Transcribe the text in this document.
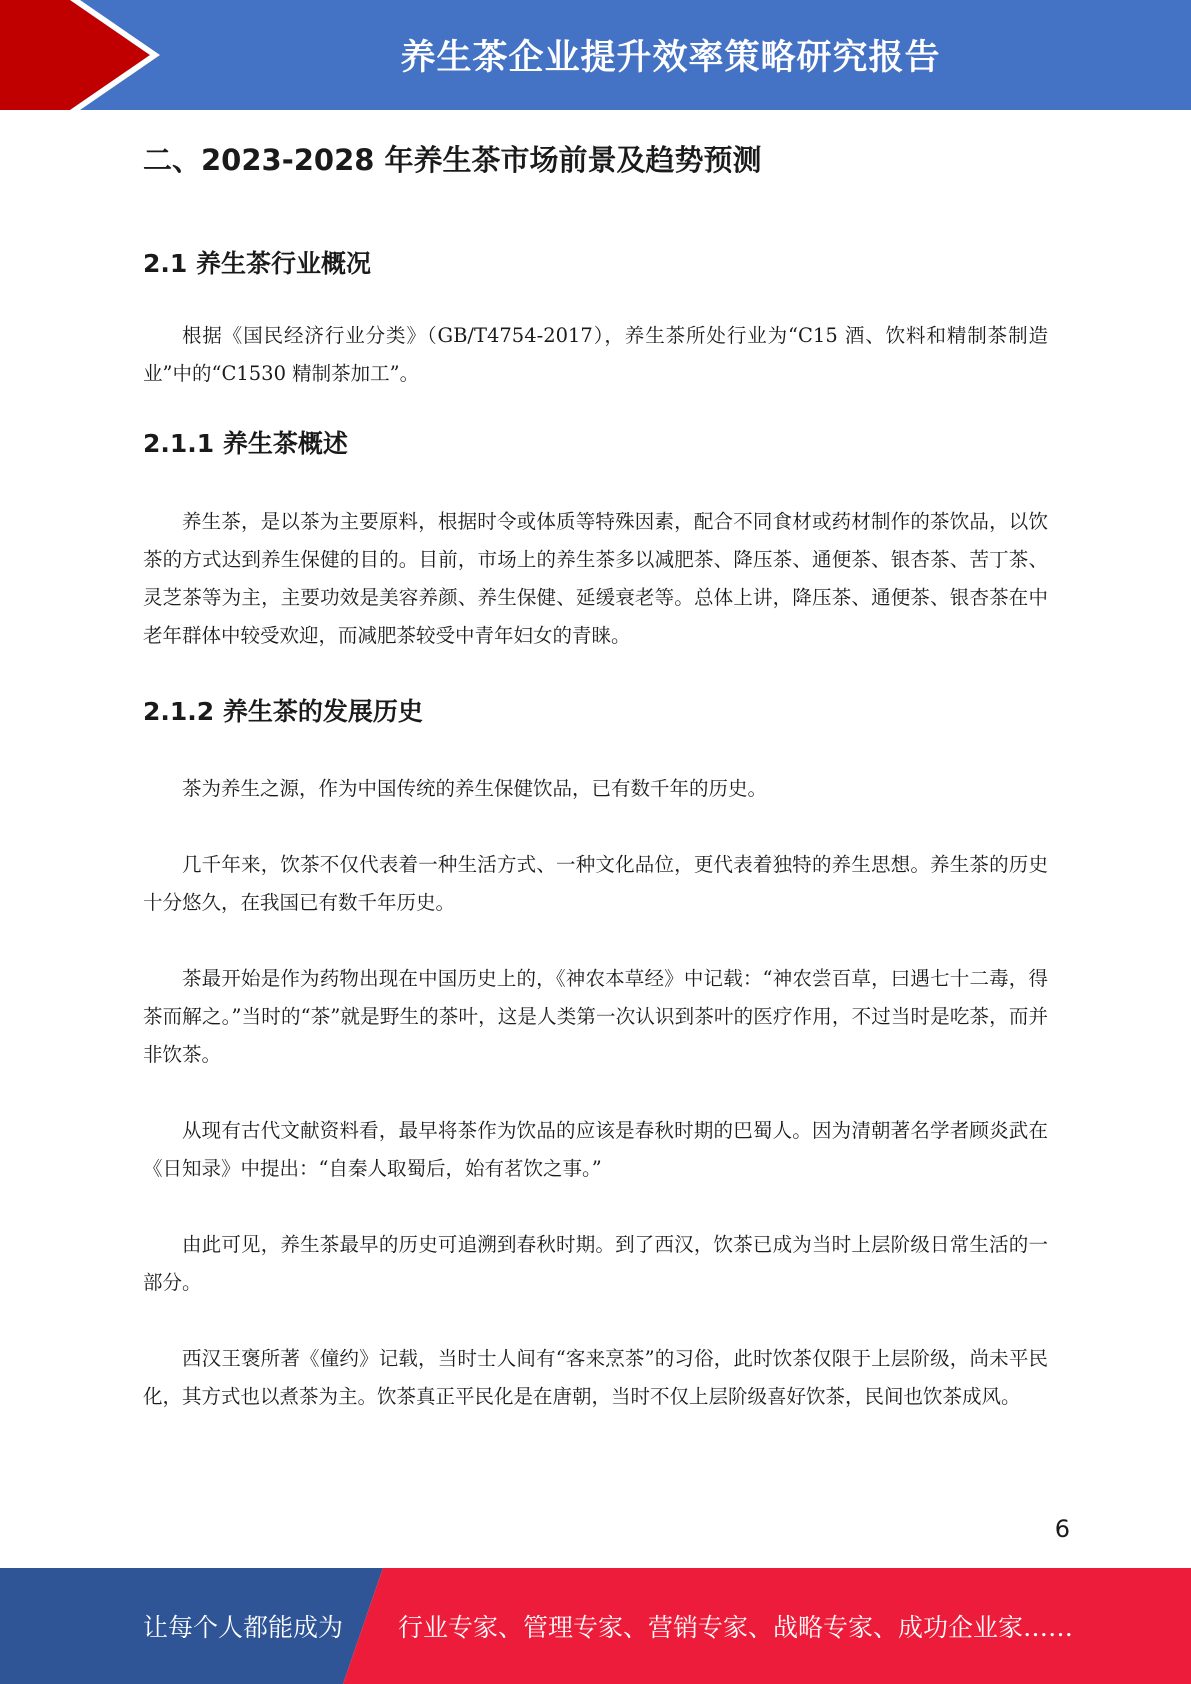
养生茶企业提升效率策略研究报告
二、2023-2028 年养生茶市场前景及趋势预测
2.1 养生茶行业概况

根据《国民经济行业分类》（GB/T4754-2017），养生茶所处行业为“C15 酒、饮料和精制茶制造业”中的“C1530 精制茶加工”。

2.1.1 养生茶概述

养生茶，是以茶为主要原料，根据时令或体质等特殊因素，配合不同食材或药材制作的茶饮品，以饮茶的方式达到养生保健的目的。目前，市场上的养生茶多以减肥茶、降压茶、通便茶、银杏茶、苦丁茶、灵芝茶等为主，主要功效是美容养颜、养生保健、延缓衰老等。总体上讲，降压茶、通便茶、银杏茶在中老年群体中较受欢迎，而减肥茶较受中青年妇女的青睐。

2.1.2 养生茶的发展历史

茶为养生之源，作为中国传统的养生保健饮品，已有数千年的历史。

几千年来，饮茶不仅代表着一种生活方式、一种文化品位，更代表着独特的养生思想。养生茶的历史十分悠久，在我国已有数千年历史。

茶最开始是作为药物出现在中国历史上的，《神农本草经》中记载：“神农尝百草，曰遇七十二毒，得茶而解之。”当时的“茶”就是野生的茶叶，这是人类第一次认识到茶叶的医疗作用，不过当时是吃茶，而并非饮茶。

从现有古代文献资料看，最早将茶作为饮品的应该是春秋时期的巴蜀人。因为清朝著名学者顾炎武在《日知录》中提出：“自秦人取蜀后，始有茗饮之事。”

由此可见，养生茶最早的历史可追溯到春秋时期。到了西汉，饮茶已成为当时上层阶级日常生活的一部分。

西汉王褒所著《僮约》记载，当时士人间有“客来烹茶”的习俗，此时饮茶仅限于上层阶级，尚未平民化，其方式也以煮茶为主。饮茶真正平民化是在唐朝，当时不仅上层阶级喜好饮茶，民间也饮茶成风。

6
让每个人都能成为 行业专家、管理专家、营销专家、战略专家、成功企业家……
